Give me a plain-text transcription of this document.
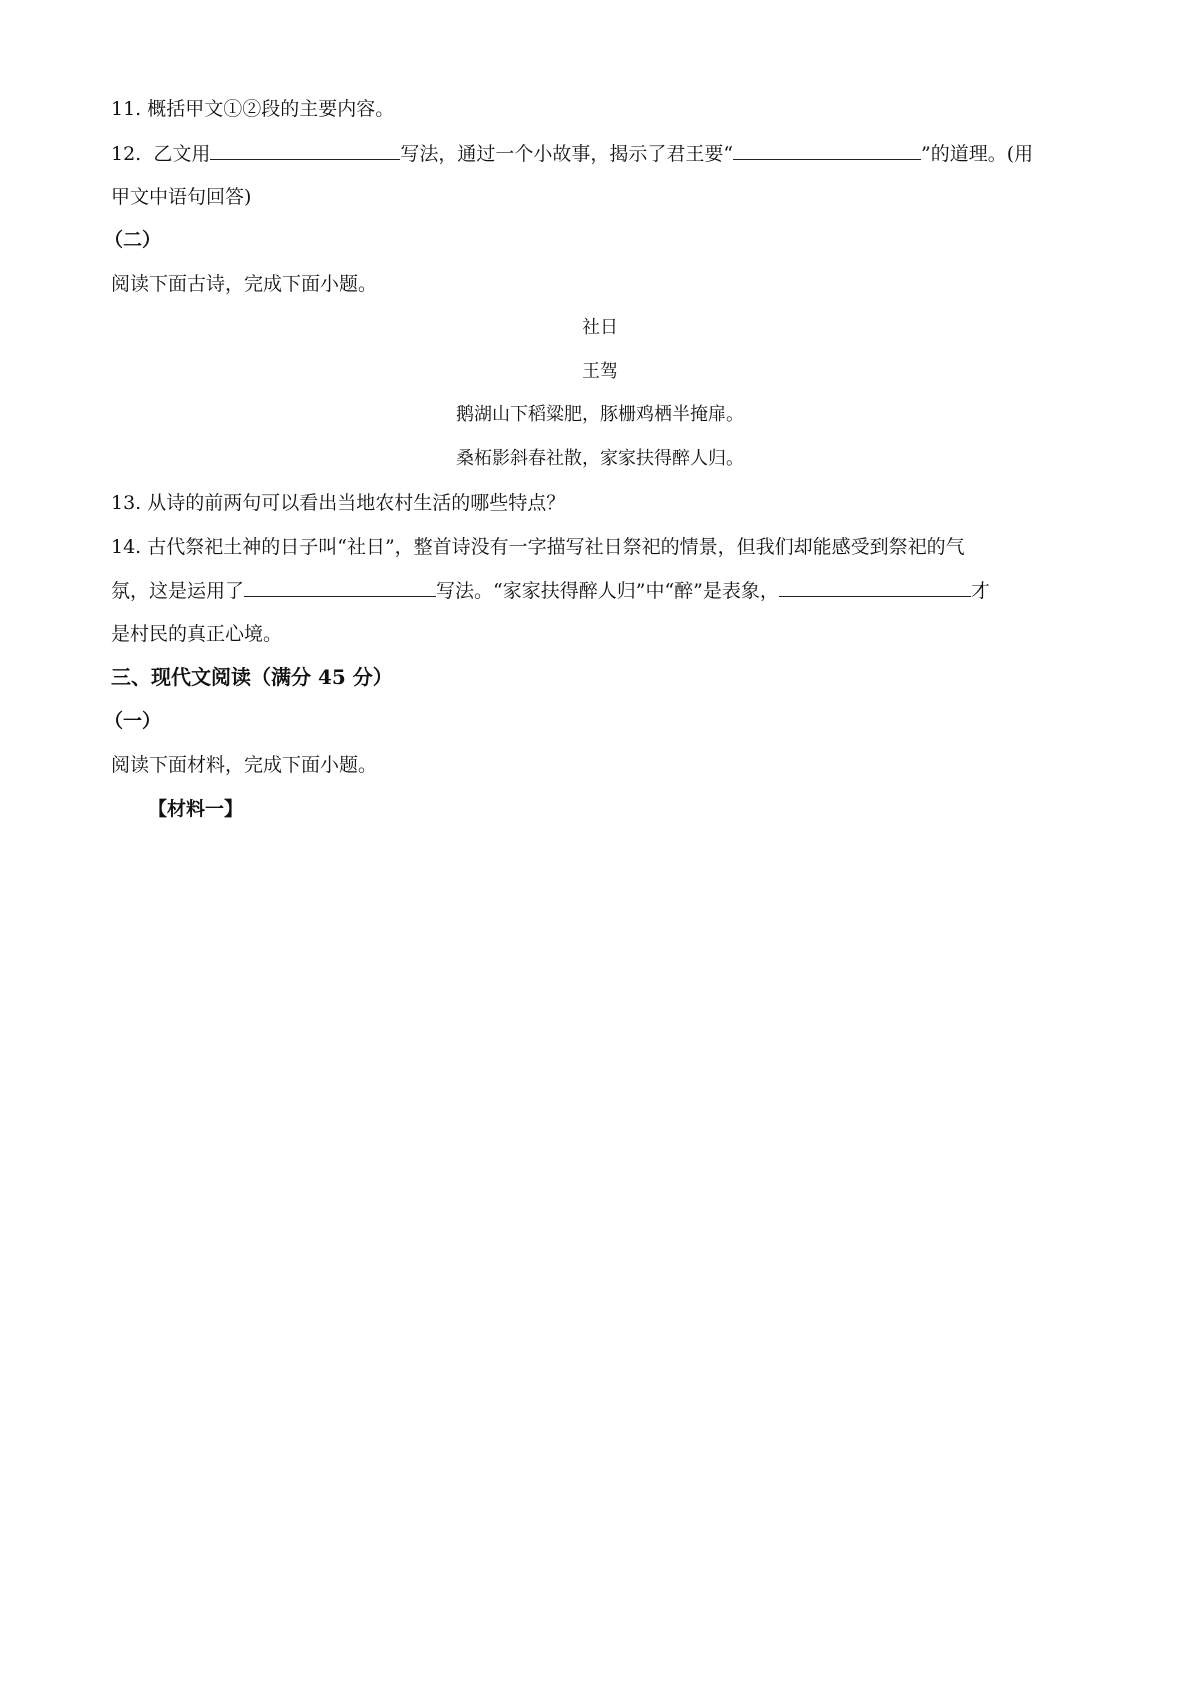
11. 概括甲文①②段的主要内容。
12. 乙文用	写法，通过一个小故事，揭示了君王要“	”的道理。(用
甲文中语句回答)
（二）
阅读下面古诗，完成下面小题。
社日
王驾
鹅湖山下稻粱肥，豚栅鸡栖半掩扉。
桑柘影斜春社散，家家扶得醉人归。
13. 从诗的前两句可以看出当地农村生活的哪些特点？
14. 古代祭祀土神的日子叫“社日”，整首诗没有一字描写社日祭祀的情景，但我们却能感受到祭祀的气
氛，这是运用了	写法。“家家扶得醉人归”中“醉”是表象，	才
是村民的真正心境。
三、现代文阅读（满分 45 分）
（一）
阅读下面材料，完成下面小题。
【材料一】
